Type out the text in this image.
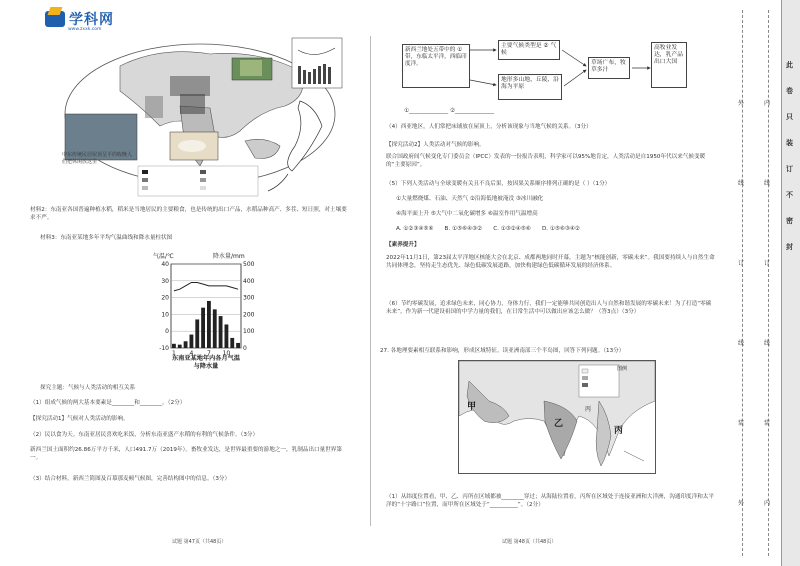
学科网
www.zxxk.com
中东传统民居屋顶呈平的收晚人们把休闲放这里
材料2：东南亚各国普遍种植水稻，稻米是当地居民的主要粮食，也是传统的出口产品，水稻品种高产、多茬、短日照，对土壤要求不严。
材料3：东南亚某地多年平均气温曲线和降水量柱状图
40
30
20
10
0
-10
500
400
300
200
100
0
气温/℃	降水量/mm
1 4 7 10
东南亚某地年内各月气温与降水量
探究主题：气候与人类活动的相互关系
（1）组成气候的两大基本要素是________和________。（2分）
【探究活动1】气候对人类活动的影响。
（2）民以食为天。东南亚居民喜欢吃米饭，分析东南亚盛产水稻的有利的气候条件。（3分）
新西兰国土面积约26.86万平方千米，人口491.7万（2019年）。畜牧业发达，是世界最重要的游地之一，乳制品出口量世界第一。
（3）结合材料，新西兰简图及百慕那麦顿气候图，完善结构图中的信息。（3分）
试题 第47页（共48页）
新西兰地处五带中的 ① 带，东临太平洋，西临印度洋。
主要气候类型是 ② 气候
地形多山地、丘陵、沿海为平原
草场广布，牧草多汁
高牧业发达，乳产品出口大国
①______________ ②______________
（4）西亚地区，人们常把床铺放在屋顶上，分析该现象与当地气候的关系。（3分）
【探究活动2】人类活动对气候的影响。
联合国政府间气候变化专门委员会（IPCC）发表的一份报告表明，科学家可以95%地肯定，人类活动是自1950年代以来气候变暖的“主要原因”。
（5）下列人类活动与全球变暖有关且不良后果，按因果关系顺序排列正确的是（ ）（1分）
①大量燃烧煤、石油、天然气 ②沿海低地被淹没 ③冰川融化
④海平面上升 ⑤大气中二氧化碳增多 ⑥温室作用气温增高
A. ①②③④⑤⑥　　B. ①⑤⑥④③②　　C. ①③②④⑤⑥　　D. ①⑤⑥③④②
【素养提升】
2022年11月1日，第23届太平洋地区核能大会在北京、成都两地同时开幕，主题为“核能创新，零碳未来”。我国要持续人与自然生命共同体理念，坚持走生态优先、绿色低碳发展道路，加快构建绿色低碳循环发展的经济体系。
（6）节约零碳发展，追求绿色未来，同心协力，身体力行，我们一定能够共同创造出人与自然和谐发展的零碳未来！为了打造“零碳未来”，作为新一代建设祖国的中学力量的我们，在日常生活中可以做出应该怎么做？（答3点）（3分）
27. 各地理要素相互联系和影响，形成区域特征。读亚洲南部三个半岛图，回答下列问题。（13分）
丙
甲
乙
丙
图例
（1）从纬度位置看，甲、乙、丙所在区域都被________穿过；从海陆位置看，丙所在区域处于连接亚洲和大洋洲，沟通印度洋和太平洋的“十字路口”位置，而甲所在区域处于“__________”。（2分）
试题 第48页（共48页）
外
线
订
线
装
外
内
线
订
线
装
内
此
卷
只
装
订
不
密
封
